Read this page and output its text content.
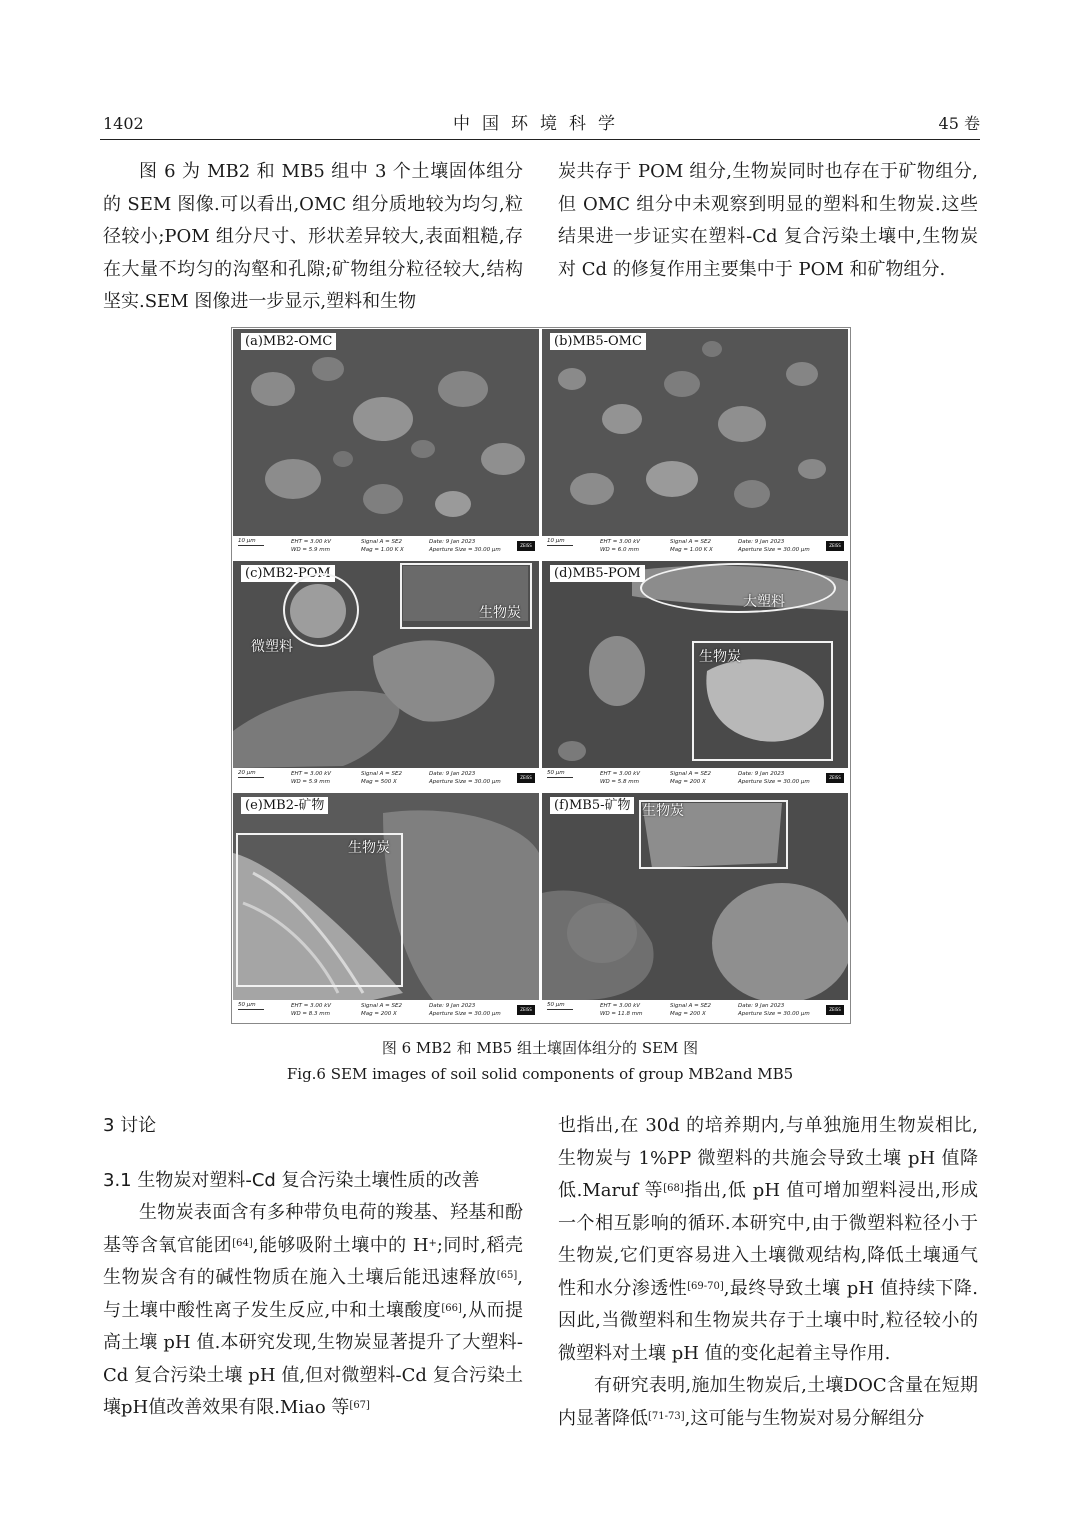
1402	中国环境科学	45 卷

图 6 为 MB2 和 MB5 组中 3 个土壤固体组分的 SEM 图像.可以看出,OMC 组分质地较为均匀,粒径较小;POM 组分尺寸、形状差异较大,表面粗糙,存在大量不均匀的沟壑和孔隙;矿物组分粒径较大,结构坚实.SEM 图像进一步显示,塑料和生物

炭共存于 POM 组分,生物炭同时也存在于矿物组分,但 OMC 组分中未观察到明显的塑料和生物炭.这些结果进一步证实在塑料-Cd 复合污染土壤中,生物炭对 Cd 的修复作用主要集中于 POM 和矿物组分.

(a)MB2-OMC
10 μm	EHT = 3.00 kV
WD = 5.9 mm
Signal A = SE2
Mag = 1.00 K X
Date: 9 Jan 2023
Aperture Size = 30.00 μm
ZEISS
(b)MB5-OMC
10 μm	EHT = 3.00 kV
WD = 6.0 mm
Signal A = SE2
Mag = 1.00 K X
Date: 9 Jan 2023
Aperture Size = 30.00 μm
ZEISS
(c)MB2-POM
微塑料
生物炭
20 μm	EHT = 3.00 kV
WD = 5.9 mm
Signal A = SE2
Mag = 500 X
Date: 9 Jan 2023
Aperture Size = 30.00 μm
ZEISS
(d)MB5-POM
大塑料
生物炭
50 μm	EHT = 3.00 kV
WD = 5.8 mm
Signal A = SE2
Mag = 200 X
Date: 9 Jan 2023
Aperture Size = 30.00 μm
ZEISS
(e)MB2-矿物
生物炭
50 μm	EHT = 3.00 kV
WD = 8.3 mm
Signal A = SE2
Mag = 200 X
Date: 9 Jan 2023
Aperture Size = 30.00 μm
ZEISS
(f)MB5-矿物 生物炭
50 μm	EHT = 3.00 kV
WD = 11.8 mm
Signal A = SE2
Mag = 200 X
Date: 9 Jan 2023
Aperture Size = 30.00 μm
ZEISS
图 6 MB2 和 MB5 组土壤固体组分的 SEM 图
Fig.6 SEM images of soil solid components of group MB2and MB5

3 讨论

3.1 生物炭对塑料-Cd 复合污染土壤性质的改善

生物炭表面含有多种带负电荷的羧基、羟基和酚基等含氧官能团[64],能够吸附土壤中的 H+;同时,稻壳生物炭含有的碱性物质在施入土壤后能迅速释放[65],与土壤中酸性离子发生反应,中和土壤酸度[66],从而提高土壤 pH 值.本研究发现,生物炭显著提升了大塑料-Cd 复合污染土壤 pH 值,但对微塑料-Cd 复合污染土壤pH值改善效果有限.Miao 等[67]

也指出,在 30d 的培养期内,与单独施用生物炭相比,生物炭与 1%PP 微塑料的共施会导致土壤 pH 值降低.Maruf 等[68]指出,低 pH 值可增加塑料浸出,形成一个相互影响的循环.本研究中,由于微塑料粒径小于生物炭,它们更容易进入土壤微观结构,降低土壤通气性和水分渗透性[69-70],最终导致土壤 pH 值持续下降.因此,当微塑料和生物炭共存于土壤中时,粒径较小的微塑料对土壤 pH 值的变化起着主导作用.

有研究表明,施加生物炭后,土壤DOC含量在短期内显著降低[71-73],这可能与生物炭对易分解组分
